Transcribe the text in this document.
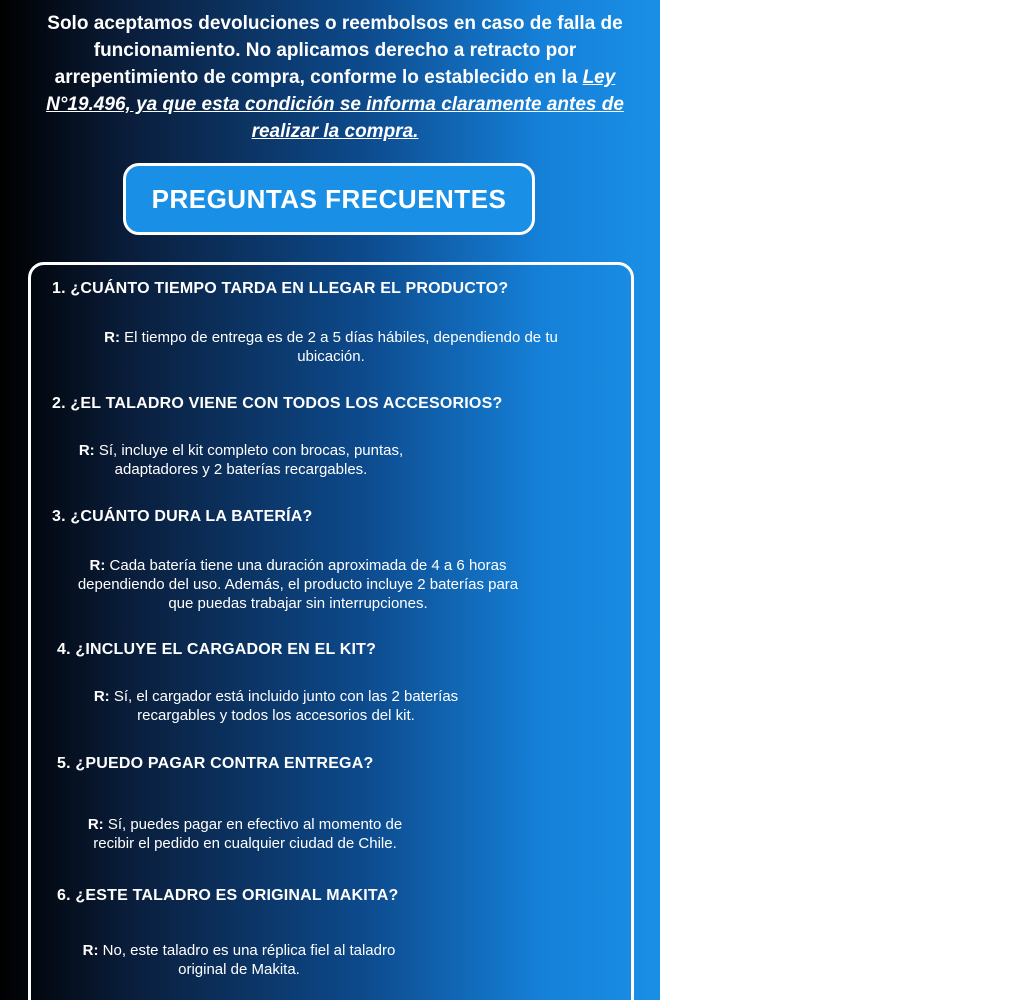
Solo aceptamos devoluciones o reembolsos en caso de falla de funcionamiento. No aplicamos derecho a retracto por arrepentimiento de compra, conforme lo establecido en la Ley N°19.496, ya que esta condición se informa claramente antes de realizar la compra.

PREGUNTAS FRECUENTES
1. ¿CUÁNTO TIEMPO TARDA EN LLEGAR EL PRODUCTO?

R: El tiempo de entrega es de 2 a 5 días hábiles, dependiendo de tu
ubicación.

2. ¿EL TALADRO VIENE CON TODOS LOS ACCESORIOS?

R: Sí, incluye el kit completo con brocas, puntas,
adaptadores y 2 baterías recargables.

3. ¿CUÁNTO DURA LA BATERÍA?

R: Cada batería tiene una duración aproximada de 4 a 6 horas
dependiendo del uso. Además, el producto incluye 2 baterías para
que puedas trabajar sin interrupciones.

4. ¿INCLUYE EL CARGADOR EN EL KIT?

R: Sí, el cargador está incluido junto con las 2 baterías
recargables y todos los accesorios del kit.

5. ¿PUEDO PAGAR CONTRA ENTREGA?

R: Sí, puedes pagar en efectivo al momento de
recibir el pedido en cualquier ciudad de Chile.

6. ¿ESTE TALADRO ES ORIGINAL MAKITA?

R: No, este taladro es una réplica fiel al taladro
original de Makita.
